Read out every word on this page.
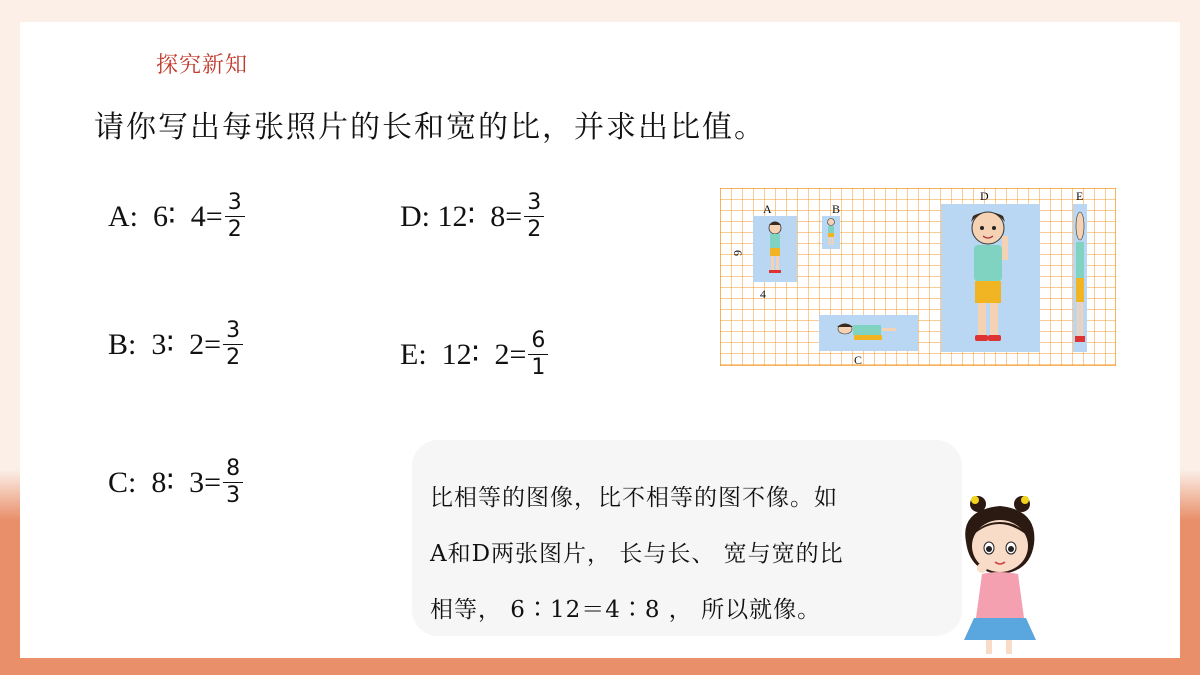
探究新知
请你写出每张照片的长和宽的比，并求出比值。
A:  6∶  $4= \frac{3}{2}$
B:  3∶  $2= \frac{3}{2}$
C:  8∶  $3= \frac{8}{3}$
D: 12∶  $8= \frac{3}{2}$
E:  12∶  $2= \frac{6}{1}$
A	B
C
D	E
6
4
比相等的图像，比不相等的图不像。如
A和D两张图片， 长与长、 宽与宽的比
相等， 6∶12＝4∶8 ， 所以就像。
